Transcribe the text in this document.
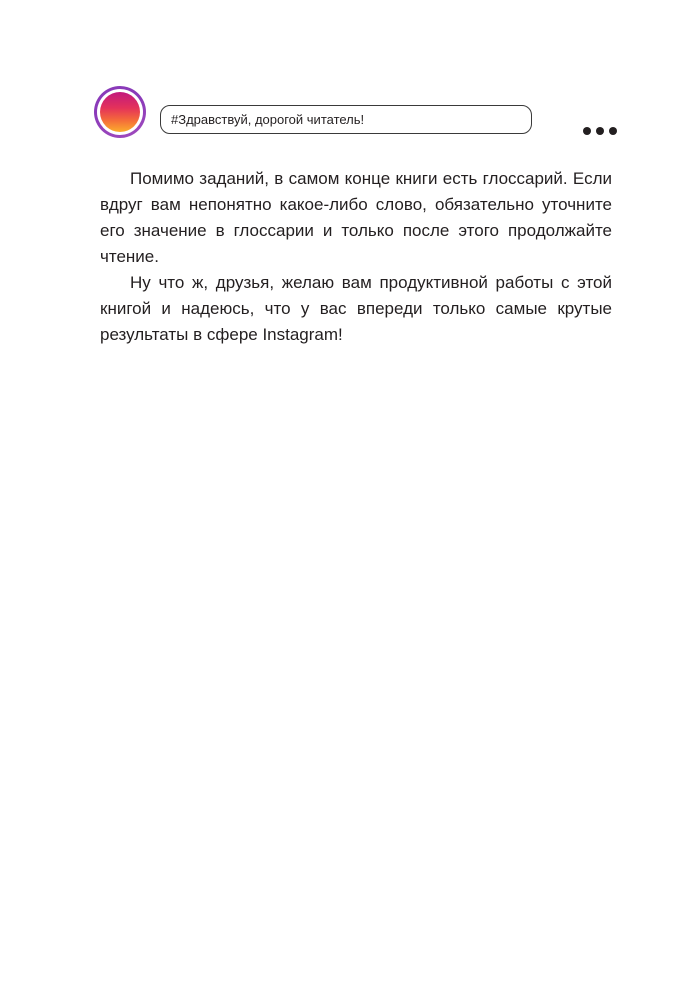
#Здравствуй, дорогой читатель!

Помимо заданий, в самом конце книги есть глоссарий. Если вдруг вам непонятно какое-либо слово, обязательно уточните его значение в глоссарии и только после этого продолжайте чтение.

Ну что ж, друзья, желаю вам продуктивной работы с этой книгой и надеюсь, что у вас впереди только самые крутые результаты в сфере Instagram!
